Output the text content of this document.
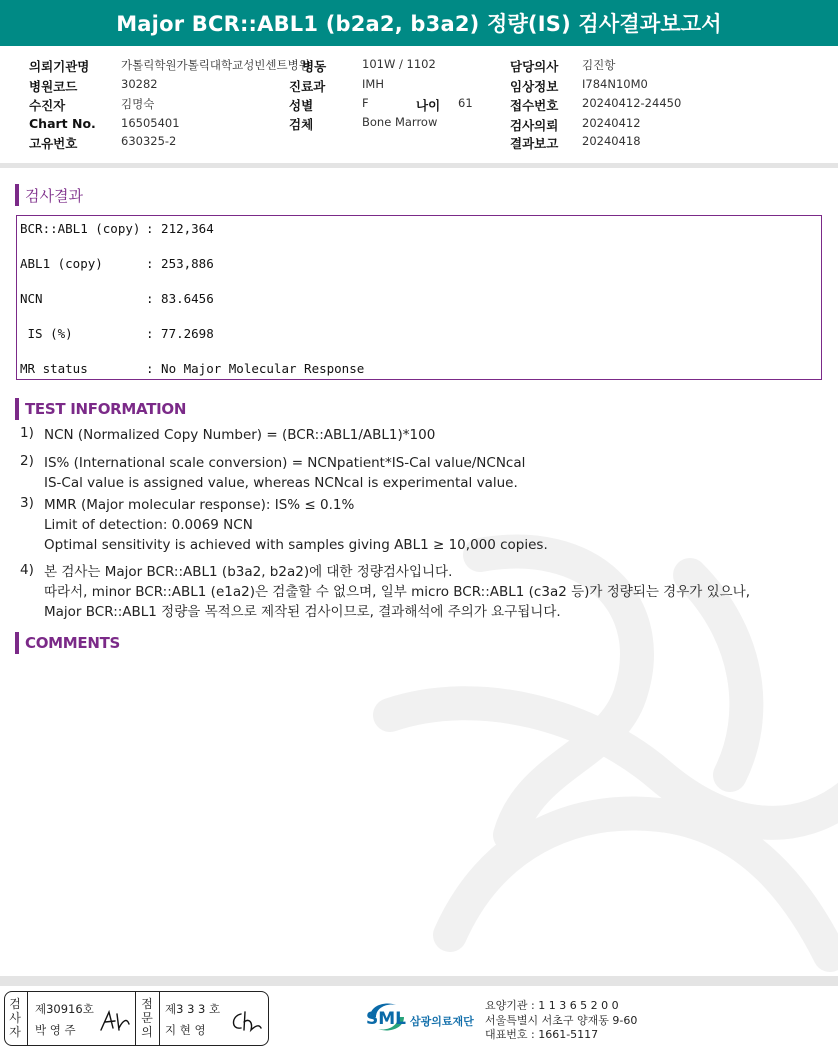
Major BCR::ABL1 (b2a2, b3a2) 정량(IS) 검사결과보고서
의뢰기관명	가톨릭학원가톨릭대학교성빈센트병원
병동	101W / 1102	담당의사 김진항
병원코드	30282	진료과	IMH	임상정보 I784N10M0
수진자	김명숙	성별	F	나이 61	접수번호 20240412-24450
Chart No. 16505401	검체	Bone Marrow	검사의뢰 20240412
고유번호	630325-2	결과보고 20240418
검사결과
BCR::ABL1 (copy) : 212,364
ABL1 (copy)	: 253,886
NCN	: 83.6456
IS (%)	: 77.2698
MR status	: No Major Molecular Response
TEST INFORMATION
1) NCN (Normalized Copy Number) = (BCR::ABL1/ABL1)*100
2) IS% (International scale conversion) = NCNpatient*IS-Cal value/NCNcal
IS-Cal value is assigned value, whereas NCNcal is experimental value.
3) MMR (Major molecular response): IS% ≤ 0.1%
Limit of detection: 0.0069 NCN
Optimal sensitivity is achieved with samples giving ABL1 ≥ 10,000 copies.
4) 본 검사는 Major BCR::ABL1 (b3a2, b2a2)에 대한 정량검사입니다.
따라서, minor BCR::ABL1 (e1a2)은 검출할 수 없으며, 일부 micro BCR::ABL1 (c3a2 등)가 정량되는 경우가 있으나,
Major BCR::ABL1 정량을 목적으로 제작된 검사이므로, 결과해석에 주의가 요구됩니다.
COMMENTS
검
사
자
제30916호
박 영 주
점
문
의
제3 3 3 호
지 현 영
SML 삼광의료재단
요양기관 : 1 1 3 6 5 2 0 0
서울특별시 서초구 양재동 9-60
대표번호 : 1661-5117
